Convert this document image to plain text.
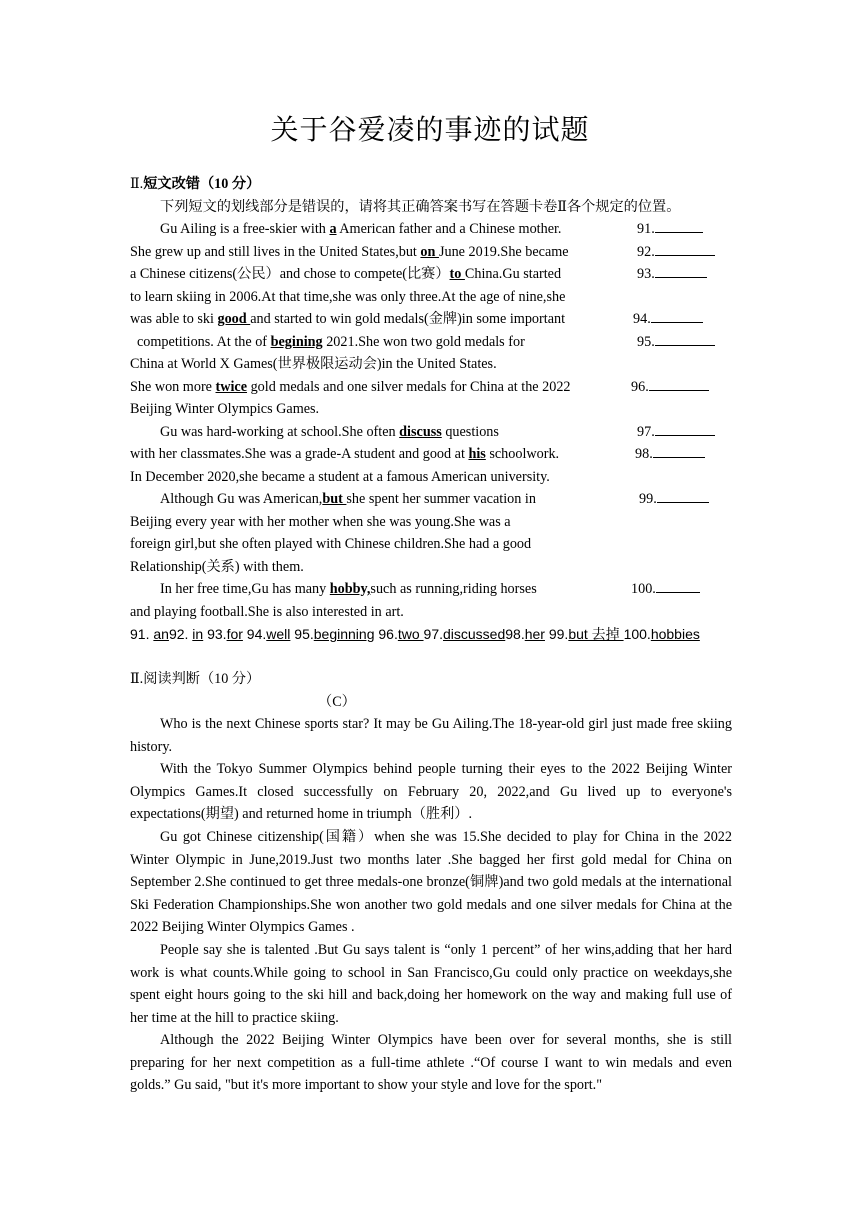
关于谷爱凌的事迹的试题
Ⅱ.短文改错（10 分）
下列短文的划线部分是错误的，请将其正确答案书写在答题卡卷Ⅱ各个规定的位置。
Gu Ailing is a free-skier with a American father and a Chinese mother.
She grew up and still lives in the United States,but on June 2019.She became
a Chinese citizens(公民）and chose to compete(比赛）to China.Gu started
to learn skiing in 2006.At that time,she was only three.At the age of nine,she
was able to ski good and started to win gold medals(金牌)in some important
competitions. At the of begining 2021.She won two gold medals for
China at World X Games(世界极限运动会)in the United States.
She won more twice gold medals and one silver medals for China at the 2022
Beijing Winter Olympics Games.
Gu was hard-working at school.She often discuss questions
with her classmates.She was a grade-A student and good at his schoolwork.
In December 2020,she became a student at a famous American university.
Although Gu was American,but she spent her summer vacation in
Beijing every year with her mother when she was young.She was a
foreign girl,but she often played with Chinese children.She had a good
Relationship(关系) with them.
In her free time,Gu has many hobby,such as running,riding horses
and playing football.She is also interested in art.
91.
92.
93.
94.
95.
96.
97.
98.
99.
100.
91. an92. in 93.for 94.well 95.beginning 96.two 97.discussed98.her 99.but 去掉 100.hobbies
Ⅱ.阅读判断（10 分）
（C）
Who is the next Chinese sports star? It may be Gu Ailing.The 18-year-old girl just made free skiing history.
With the Tokyo Summer Olympics behind people turning their eyes to the 2022 Beijing Winter Olympics Games.It closed successfully on February 20, 2022,and Gu lived up to everyone's expectations(期望) and returned home in triumph（胜利）.
Gu got Chinese citizenship(国籍）when she was 15.She decided to play for China in the 2022 Winter Olympic in June,2019.Just two months later .She bagged her first gold medal for China on September 2.She continued to get three medals-one bronze(铜牌)and two gold medals at the international Ski Federation Championships.She won another two gold medals and one silver medals for China at the 2022 Beijing Winter Olympics Games .
People say she is talented .But Gu says talent is “only 1 percent” of her wins,adding that her hard work is what counts.While going to school in San Francisco,Gu could only practice on weekdays,she spent eight hours going to the ski hill and back,doing her homework on the way and making full use of her time at the hill to practice skiing.
Although the 2022 Beijing Winter Olympics have been over for several months, she is still preparing for her next competition as a full-time athlete .“Of course I want to win medals and even golds.” Gu said, "but it's more important to show your style and love for the sport."
